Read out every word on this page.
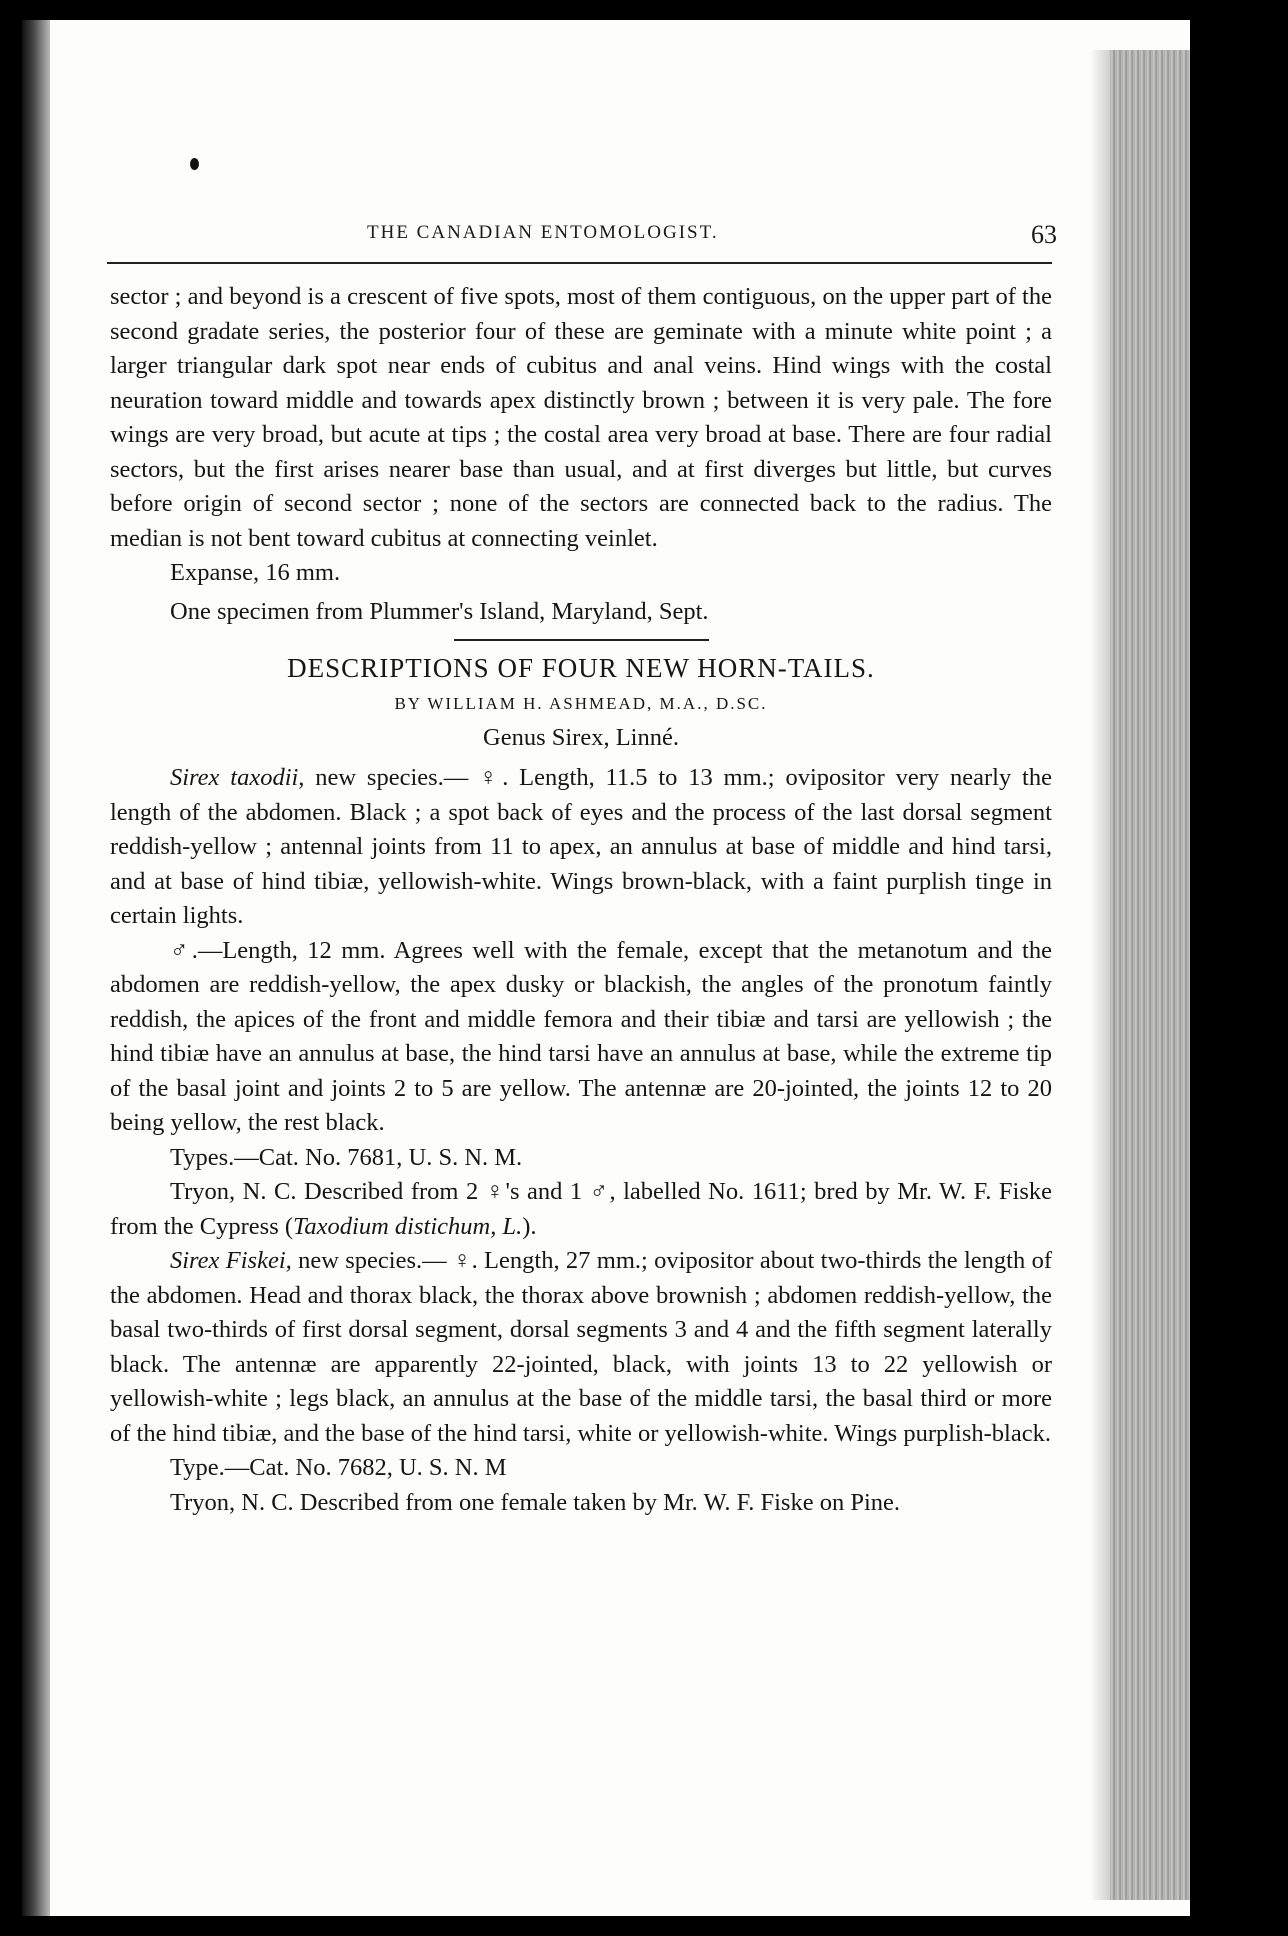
THE CANADIAN ENTOMOLOGIST.	63

sector ; and beyond is a crescent of five spots, most of them contiguous, on the upper part of the second gradate series, the posterior four of these are geminate with a minute white point ; a larger triangular dark spot near ends of cubitus and anal veins. Hind wings with the costal neuration toward middle and towards apex distinctly brown ; between it is very pale. The fore wings are very broad, but acute at tips ; the costal area very broad at base. There are four radial sectors, but the first arises nearer base than usual, and at first diverges but little, but curves before origin of second sector ; none of the sectors are connected back to the radius. The median is not bent toward cubitus at connecting veinlet.

Expanse, 16 mm.

One specimen from Plummer's Island, Maryland, Sept.

DESCRIPTIONS OF FOUR NEW HORN-TAILS.
BY WILLIAM H. ASHMEAD, M.A., D.SC.
Genus Sirex, Linné.

Sirex taxodii, new species.— ♀. Length, 11.5 to 13 mm.; ovipositor very nearly the length of the abdomen. Black ; a spot back of eyes and the process of the last dorsal segment reddish-yellow ; antennal joints from 11 to apex, an annulus at base of middle and hind tarsi, and at base of hind tibiæ, yellowish-white. Wings brown-black, with a faint purplish tinge in certain lights.

♂.—Length, 12 mm. Agrees well with the female, except that the metanotum and the abdomen are reddish-yellow, the apex dusky or blackish, the angles of the pronotum faintly reddish, the apices of the front and middle femora and their tibiæ and tarsi are yellowish ; the hind tibiæ have an annulus at base, the hind tarsi have an annulus at base, while the extreme tip of the basal joint and joints 2 to 5 are yellow. The antennæ are 20-jointed, the joints 12 to 20 being yellow, the rest black.

Types.—Cat. No. 7681, U. S. N. M.

Tryon, N. C. Described from 2 ♀'s and 1 ♂, labelled No. 1611; bred by Mr. W. F. Fiske from the Cypress (Taxodium distichum, L.).

Sirex Fiskei, new species.— ♀. Length, 27 mm.; ovipositor about two-thirds the length of the abdomen. Head and thorax black, the thorax above brownish ; abdomen reddish-yellow, the basal two-thirds of first dorsal segment, dorsal segments 3 and 4 and the fifth segment laterally black. The antennæ are apparently 22-jointed, black, with joints 13 to 22 yellowish or yellowish-white ; legs black, an annulus at the base of the middle tarsi, the basal third or more of the hind tibiæ, and the base of the hind tarsi, white or yellowish-white. Wings purplish-black.

Type.—Cat. No. 7682, U. S. N. M

Tryon, N. C. Described from one female taken by Mr. W. F. Fiske on Pine.
